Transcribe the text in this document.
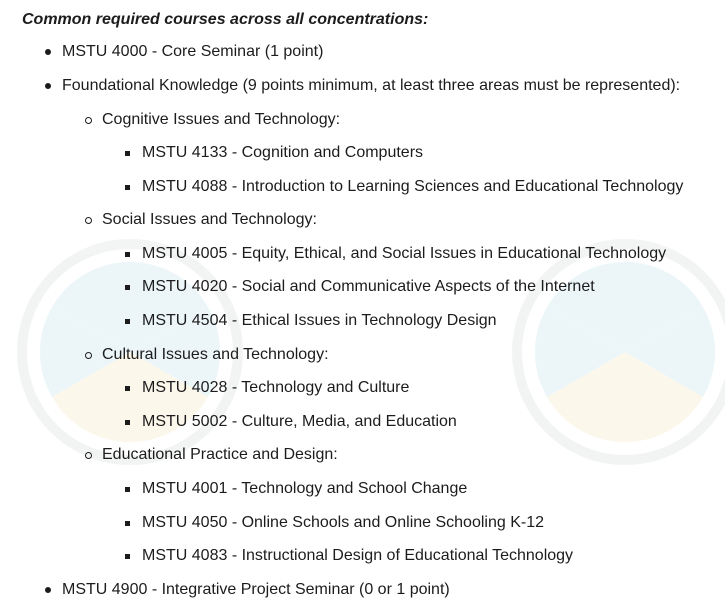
Common required courses across all concentrations:
MSTU 4000 - Core Seminar (1 point)
Foundational Knowledge (9 points minimum, at least three areas must be represented):
Cognitive Issues and Technology:
MSTU 4133 - Cognition and Computers
MSTU 4088 - Introduction to Learning Sciences and Educational Technology
Social Issues and Technology:
MSTU 4005 - Equity, Ethical, and Social Issues in Educational Technology
MSTU 4020 - Social and Communicative Aspects of the Internet
MSTU 4504 - Ethical Issues in Technology Design
Cultural Issues and Technology:
MSTU 4028 - Technology and Culture
MSTU 5002 - Culture, Media, and Education
Educational Practice and Design:
MSTU 4001 - Technology and School Change
MSTU 4050 - Online Schools and Online Schooling K-12
MSTU 4083 - Instructional Design of Educational Technology
MSTU 4900 - Integrative Project Seminar (0 or 1 point)
